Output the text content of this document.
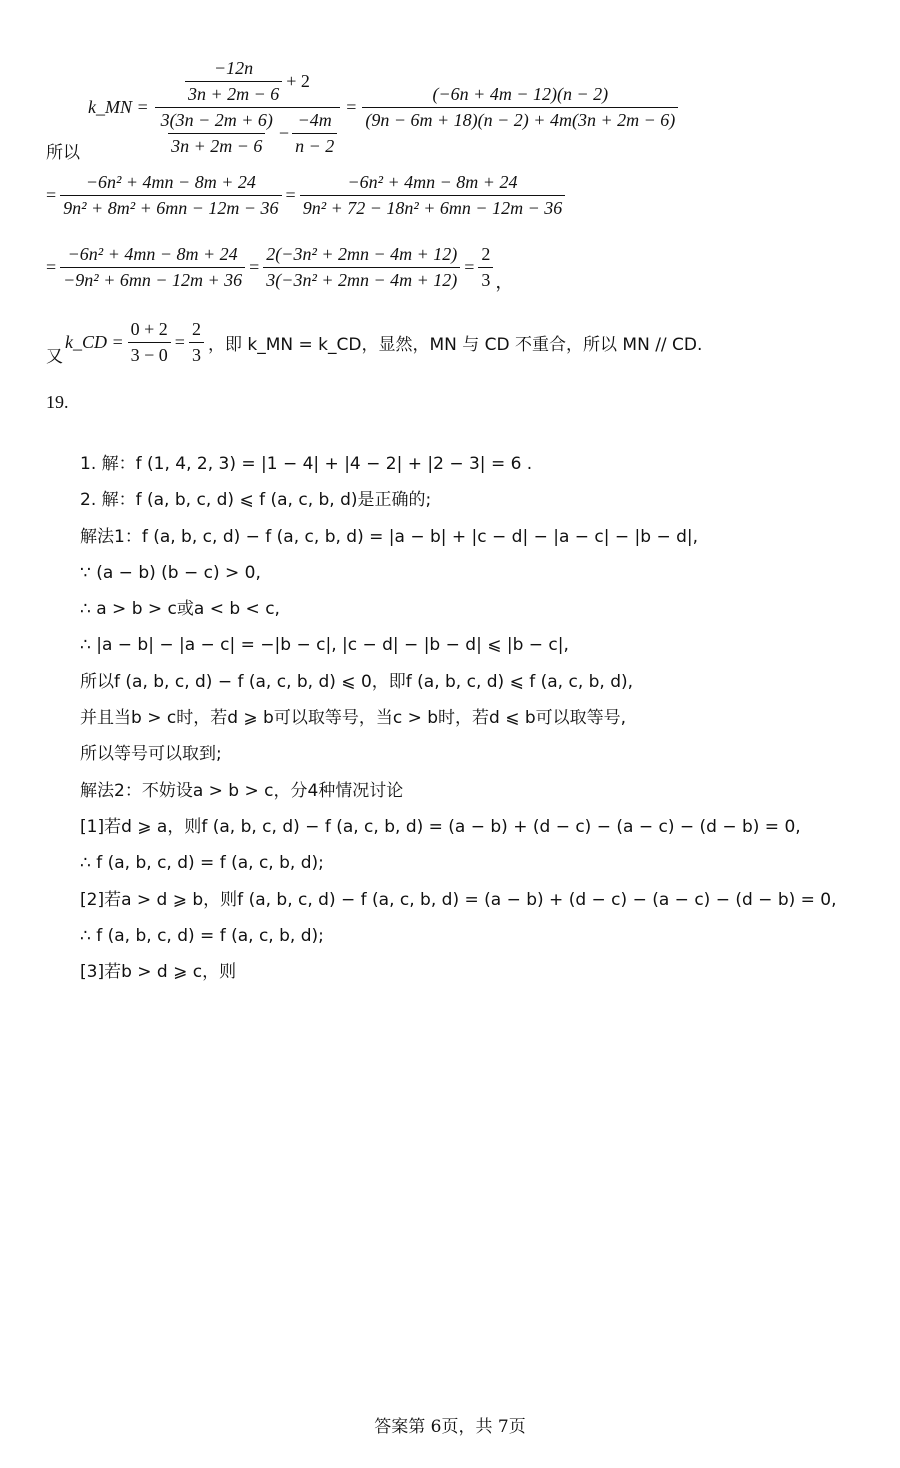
k_MN =
$\frac{-12n}{3n + 2m - 6} + 2$
$\frac{3(3n - 2m + 6)}{3n + 2m - 6} - \frac{-4m}{n - 2}$
= $\frac{(-6n + 4m - 12)(n - 2)}{(9n - 6m + 18)(n - 2) + 4m(3n + 2m - 6)}$
所以
= $\frac{\text{−6n² + 4mn − 8m + 24}}{\text{9n² + 8m² + 6mn − 12m − 36}} = \frac{\text{−6n² + 4mn − 8m + 24}}{\text{9n² + 72 − 18n² + 6mn − 12m − 36}}$
= $\frac{\text{−6n² + 4mn − 8m + 24}}{\text{−9n² + 6mn − 12m + 36}} = \frac{\text{2(−3n² + 2mn − 4m + 12)}}{\text{3(−3n² + 2mn − 4m + 12)}} = \frac{2}{3}$ ，
又
k_CD = $\frac{0 + 2}{3 - 0} = \frac{2}{3}$ ，即 k_MN = k_CD，显然，MN 与 CD 不重合，所以 MN // CD.
19.
1. 解：f (1, 4, 2, 3) = |1 − 4| + |4 − 2| + |2 − 3| = 6 .
2. 解：f (a, b, c, d) ⩽ f (a, c, b, d)是正确的;
解法1：f (a, b, c, d) − f (a, c, b, d) = |a − b| + |c − d| − |a − c| − |b − d|,
∵ (a − b) (b − c) > 0,
∴ a > b > c或a < b < c,
∴ |a − b| − |a − c| = −|b − c|, |c − d| − |b − d| ⩽ |b − c|,
所以f (a, b, c, d) − f (a, c, b, d) ⩽ 0，即f (a, b, c, d) ⩽ f (a, c, b, d),
并且当b > c时，若d ⩾ b可以取等号，当c > b时，若d ⩽ b可以取等号,
所以等号可以取到;
解法2：不妨设a > b > c，分4种情况讨论
[1]若d ⩾ a，则f (a, b, c, d) − f (a, c, b, d) = (a − b) + (d − c) − (a − c) − (d − b) = 0,
∴ f (a, b, c, d) = f (a, c, b, d);
[2]若a > d ⩾ b，则f (a, b, c, d) − f (a, c, b, d) = (a − b) + (d − c) − (a − c) − (d − b) = 0,
∴ f (a, b, c, d) = f (a, c, b, d);
[3]若b > d ⩾ c，则
答案第 6页，共 7页
